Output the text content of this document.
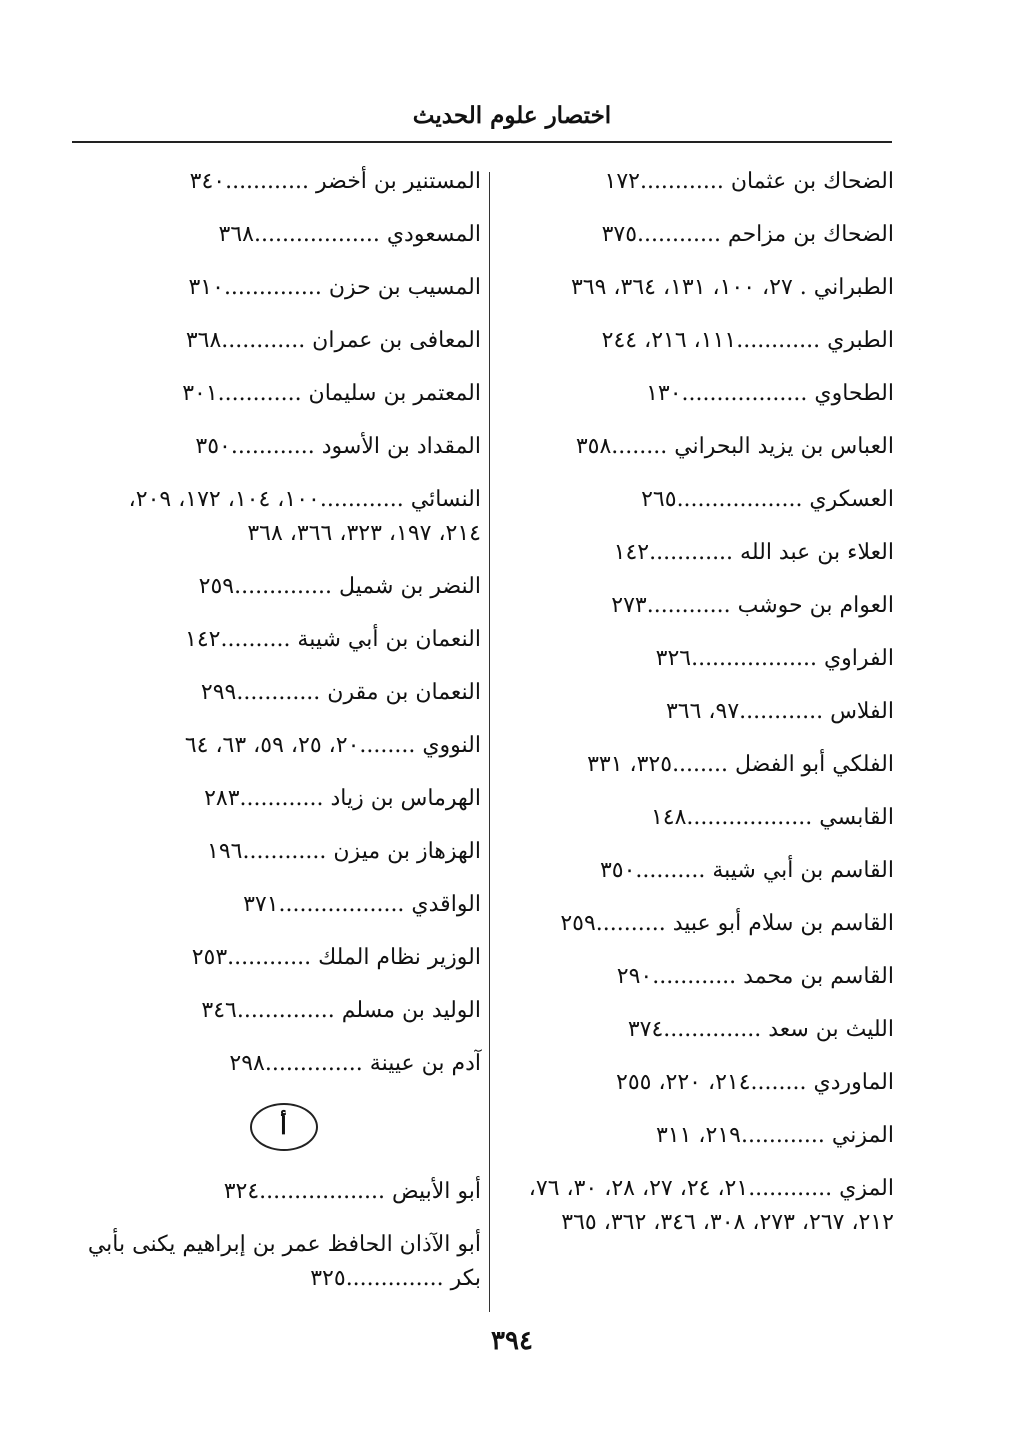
اختصار علوم الحديث
الضحاك بن عثمان ............١٧٢
الضحاك بن مزاحم ............٣٧٥
الطبراني . ٢٧، ١٠٠، ١٣١، ٣٦٤، ٣٦٩
الطبري ............١١١، ٢١٦، ٢٤٤
الطحاوي ..................١٣٠
العباس بن يزيد البحراني ........٣٥٨
العسكري ..................٢٦٥
العلاء بن عبد الله ............١٤٢
العوام بن حوشب ............٢٧٣
الفراوي ..................٣٢٦
الفلاس ............٩٧، ٣٦٦
الفلكي أبو الفضل ........٣٢٥، ٣٣١
القابسي ..................١٤٨
القاسم بن أبي شيبة ..........٣٥٠
القاسم بن سلام أبو عبيد ..........٢٥٩
القاسم بن محمد ............٢٩٠
الليث بن سعد ..............٣٧٤
الماوردي ........٢١٤، ٢٢٠، ٢٥٥
المزني ............٢١٩، ٣١١
المزي ............٢١، ٢٤، ٢٧، ٢٨، ٣٠، ٧٦، ٢١٢، ٢٦٧، ٢٧٣، ٣٠٨، ٣٤٦، ٣٦٢، ٣٦٥
المستنير بن أخضر ............٣٤٠
المسعودي ..................٣٦٨
المسيب بن حزن ..............٣١٠
المعافى بن عمران ............٣٦٨
المعتمر بن سليمان ............٣٠١
المقداد بن الأسود ............٣٥٠
النسائي ............١٠٠، ١٠٤، ١٧٢، ٢٠٩، ٢١٤، ١٩٧، ٣٢٣، ٣٦٦، ٣٦٨
النضر بن شميل ..............٢٥٩
النعمان بن أبي شيبة ..........١٤٢
النعمان بن مقرن ............٢٩٩
النووي ........٢٠، ٢٥، ٥٩، ٦٣، ٦٤
الهرماس بن زياد ............٢٨٣
الهزهاز بن ميزن ............١٩٦
الواقدي ..................٣٧١
الوزير نظام الملك ............٢٥٣
الوليد بن مسلم ..............٣٤٦
آدم بن عيينة ..............٢٩٨
أ
أبو الأبيض ..................٣٢٤
أبو الآذان الحافظ عمر بن إبراهيم يكنى بأبي بكر ..............٣٢٥
٣٩٤
